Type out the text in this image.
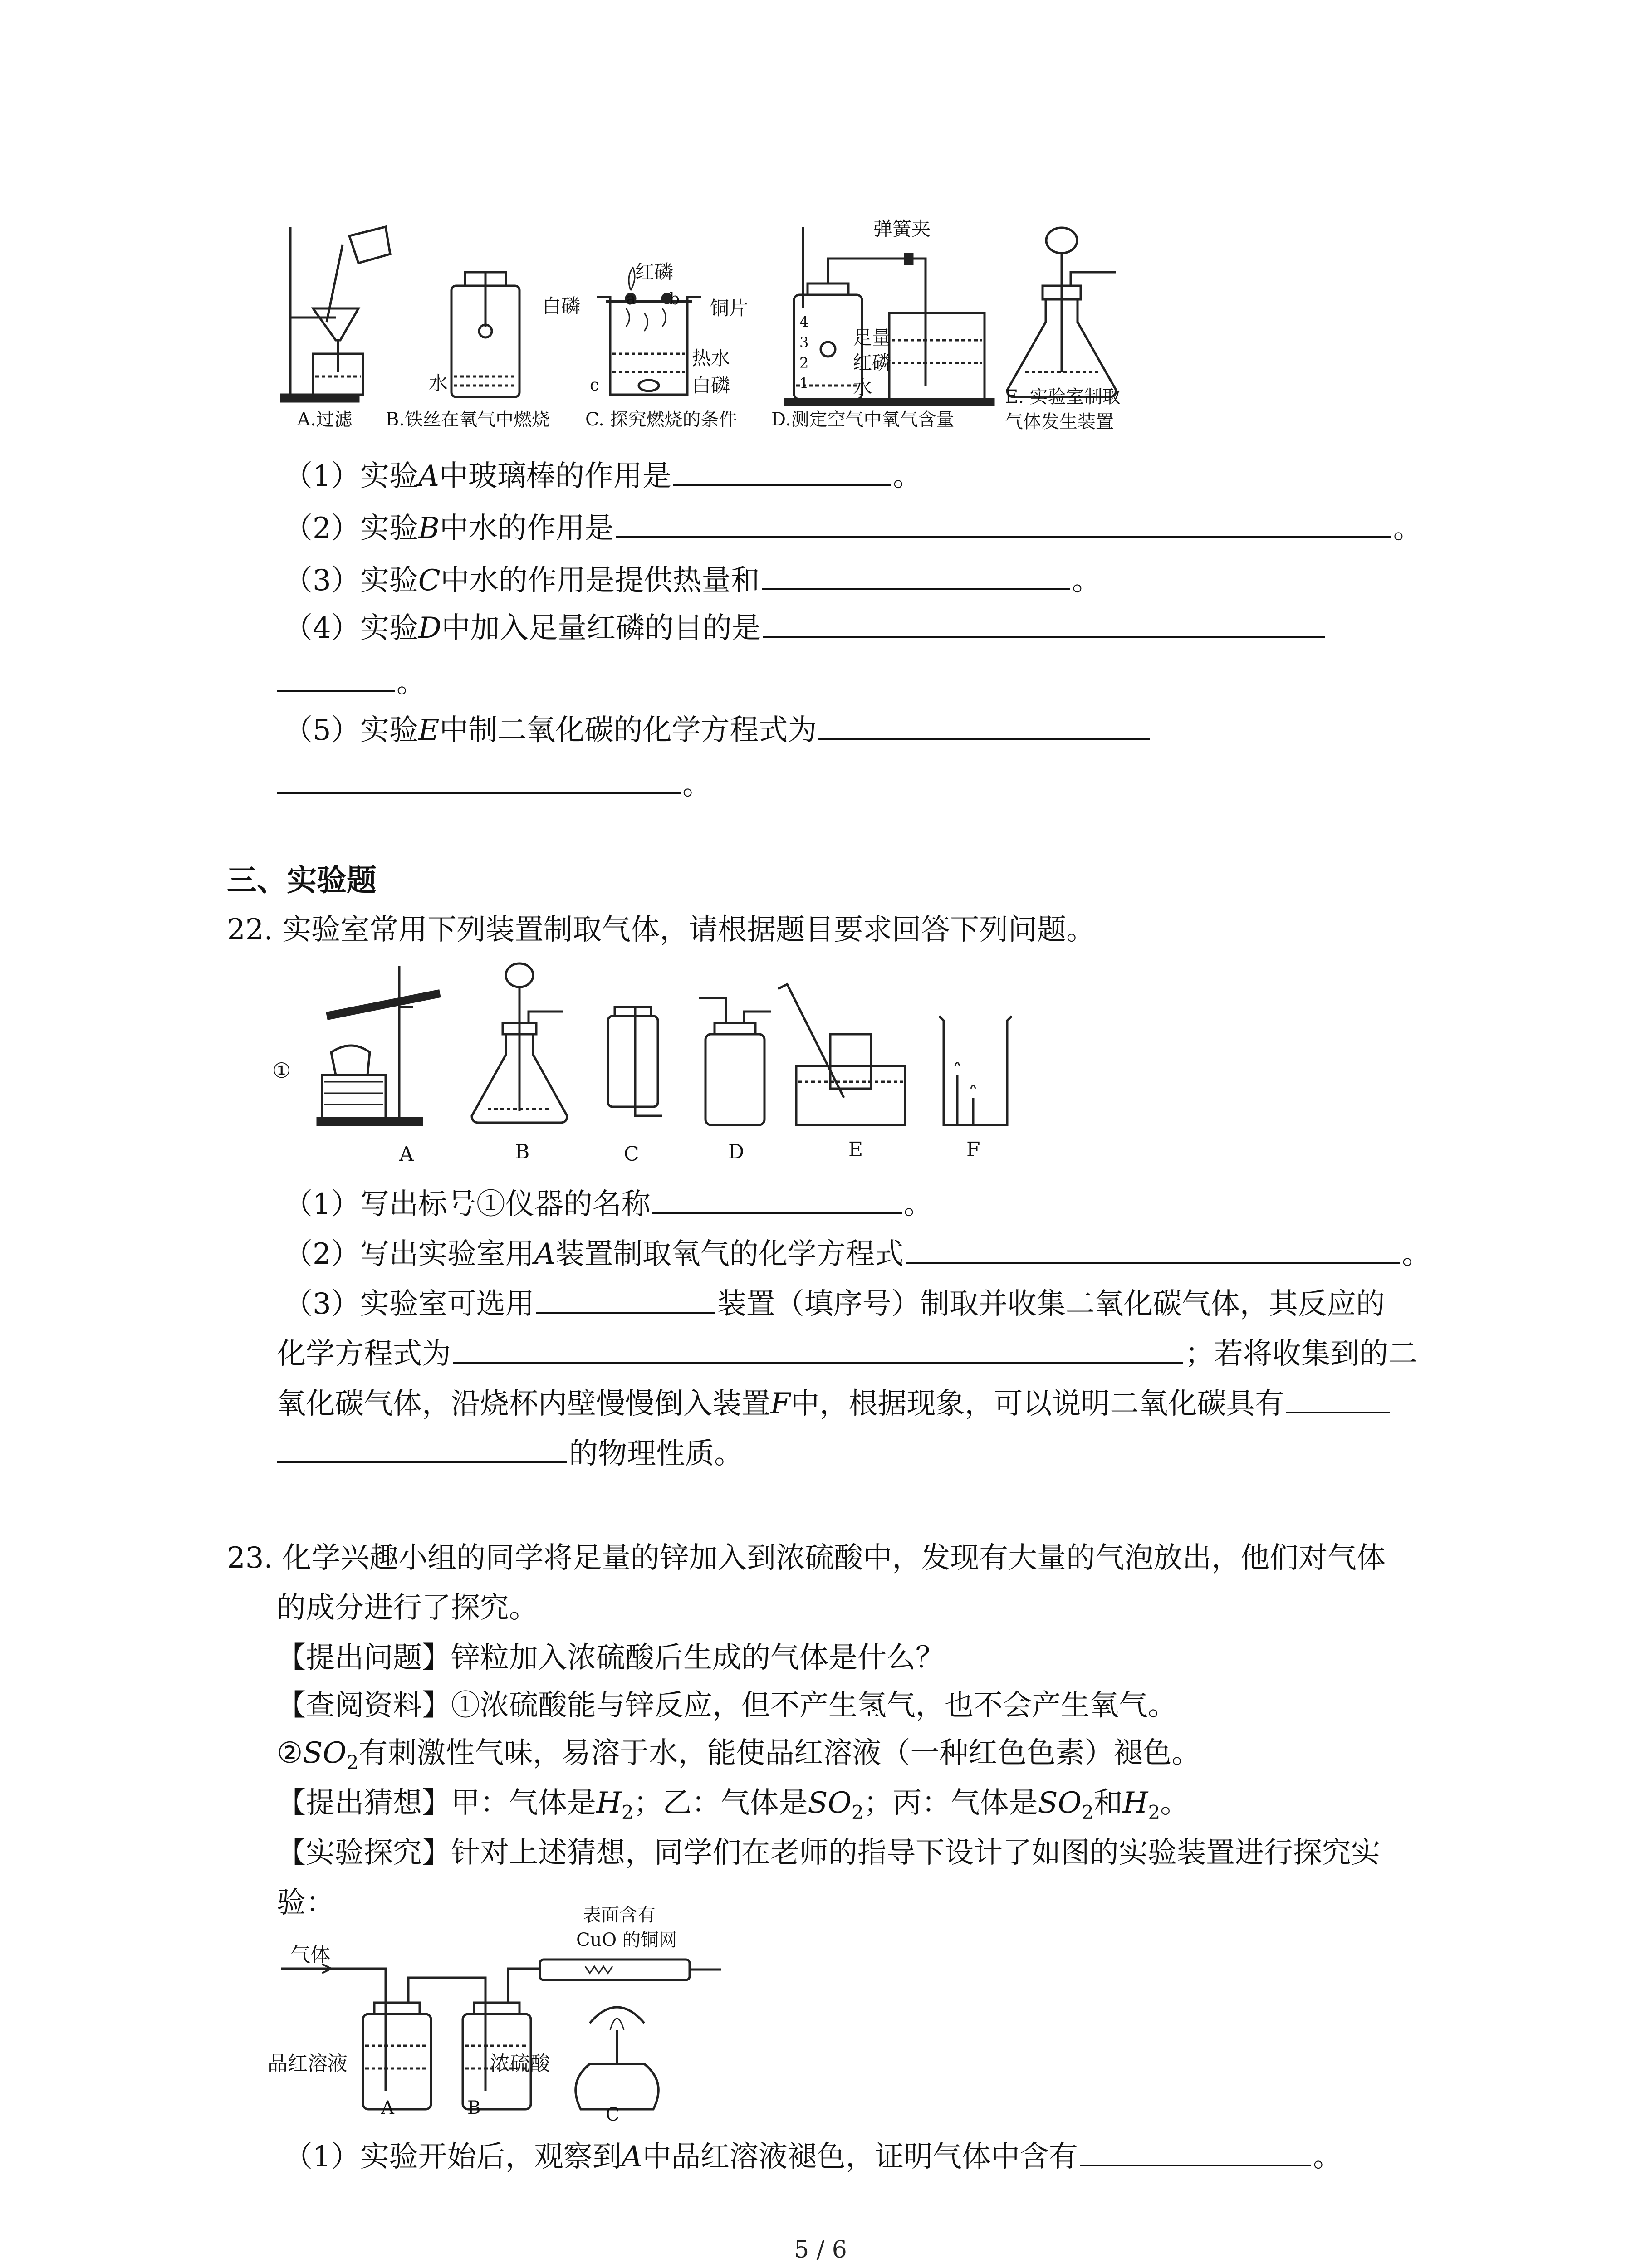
A.过滤 B.铁丝在氧气中燃烧 C. 探究燃烧的条件 D.测定空气中氧气含量
E. 实验室制取
气体发生装置
水
白磷
红磷
a b 铜片
热水
白磷
c
弹簧夹
足量
红磷
水
4
3
2
1
（1）实验A中玻璃棒的作用是	。
（2）实验B中水的作用是	。
（3）实验C中水的作用是提供热量和	。
（4）实验D中加入足量红磷的目的是
。
（5）实验E中制二氧化碳的化学方程式为
。
三、实验题
22. 实验室常用下列装置制取气体，请根据题目要求回答下列问题。
①
A	B	C	D	E	F
（1）写出标号①仪器的名称	。
（2）写出实验室用A装置制取氧气的化学方程式	。
（3）实验室可选用	装置（填序号）制取并收集二氧化碳气体，其反应的
化学方程式为	；若将收集到的二
氧化碳气体，沿烧杯内壁慢慢倒入装置F中，根据现象，可以说明二氧化碳具有
的物理性质。
23. 化学兴趣小组的同学将足量的锌加入到浓硫酸中，发现有大量的气泡放出，他们对气体
的成分进行了探究。
【提出问题】锌粒加入浓硫酸后生成的气体是什么？
【查阅资料】①浓硫酸能与锌反应，但不产生氢气，也不会产生氧气。
$②SO_2$有刺激性气味，易溶于水，能使品红溶液（一种红色色素）褪色。
【提出猜想】甲：气体是$H_2$；乙：气体是$SO_2$；丙：气体是$SO_2$和$H_2$。
【实验探究】针对上述猜想，同学们在老师的指导下设计了如图的实验装置进行探究实
验：
气体
表面含有
CuO 的铜网
品红溶液	浓硫酸
A	B	C
（1）实验开始后，观察到A中品红溶液褪色，证明气体中含有	。
5 / 6
